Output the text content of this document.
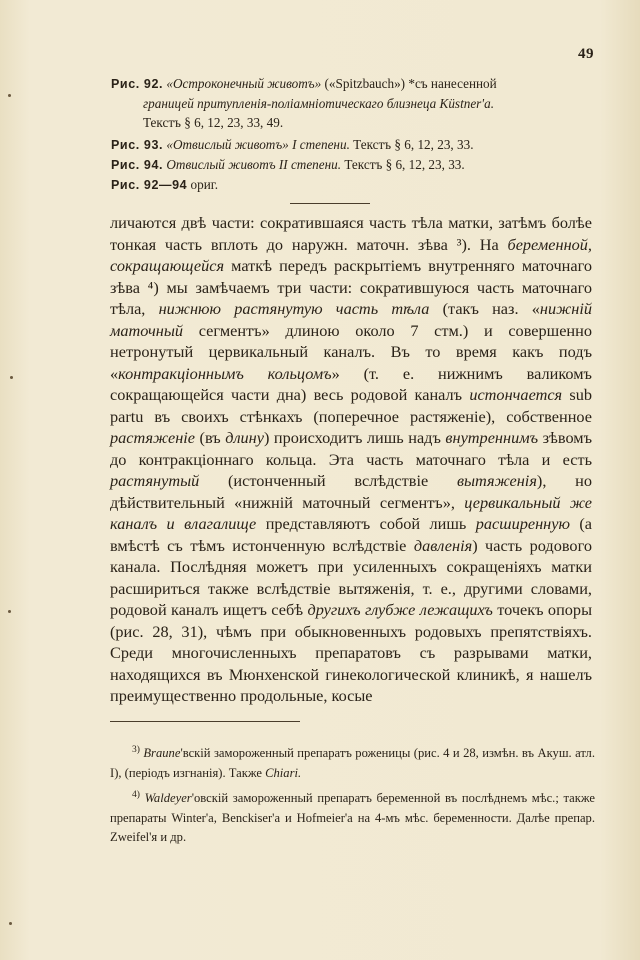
49

Рис. 92. «Остроконечный животъ» («Spitzbauch») *съ нанесенной
границей притупленія-поліамніотическаго близнеца Küstner'a.
Текстъ § 6, 12, 23, 33, 49.

Рис. 93. «Отвислый животъ» I степени. Текстъ § 6, 12, 23, 33.

Рис. 94. Отвислый животъ II степени. Текстъ § 6, 12, 23, 33.

Рис. 92—94 ориг.

личаются двѣ части: сократившаяся часть тѣла матки, затѣмъ болѣе тонкая часть вплоть до наружн. маточн. зѣва ³). На беременной, сокращающейся маткѣ передъ раскрытіемъ внутренняго маточнаго зѣва ⁴) мы замѣчаемъ три части: сократившуюся часть маточнаго тѣла, нижнюю растянутую часть тѣла (такъ наз. «нижній маточный сегментъ» длиною около 7 стм.) и совершенно нетронутый цервикальный каналъ. Въ то время какъ подъ «контракціоннымъ кольцомъ» (т. е. нижнимъ валикомъ сокращающейся части дна) весь родовой каналъ истончается sub partu въ своихъ стѣнкахъ (поперечное растяженіе), собственное растяженіе (въ длину) происходитъ лишь надъ внутреннимъ зѣвомъ до контракціоннаго кольца. Эта часть маточнаго тѣла и есть растянутый (истонченный вслѣдствіе вытяженія), но дѣйствительный «нижній маточный сегментъ», цервикальный же каналъ и влагалище представляютъ собой лишь расширенную (а вмѣстѣ съ тѣмъ истонченную вслѣдствіе давленія) часть родового канала. Послѣдняя можетъ при усиленныхъ сокращеніяхъ матки расшириться также вслѣдствіе вытяженія, т. е., другими словами, родовой каналъ ищетъ себѣ другихъ глубже лежащихъ точекъ опоры (рис. 28, 31), чѣмъ при обыкновенныхъ родовыхъ препятствіяхъ. Среди многочисленныхъ препаратовъ съ разрывами матки, находящихся въ Мюнхенской гинекологической клиникѣ, я нашелъ преимущественно продольные, косые

$^{3)}$ Braune'вскій замороженный препаратъ роженицы (рис. 4 и 28, измѣн. въ Акуш. атл. I), (періодъ изгнанія). Также Chiari.

$^{4)}$ Waldeyer'овскій замороженный препаратъ беременной въ послѣднемъ мѣс.; также препараты Winter'a, Benckiser'a и Hofmeier'a на 4-мъ мѣс. беременности. Далѣе препар. Zweifel'я и др.
